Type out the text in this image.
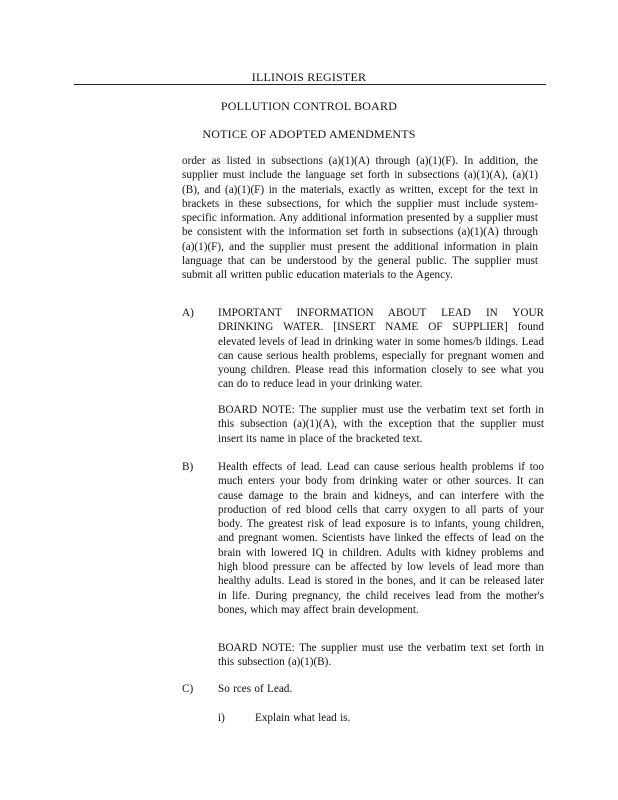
ILLINOIS REGISTER
POLLUTION CONTROL BOARD
NOTICE OF ADOPTED AMENDMENTS

order as listed in subsections (a)(1)(A) through (a)(1)(F). In addition, the supplier must include the language set forth in subsections (a)(1)(A), (a)(1)(B), and (a)(1)(F) in the materials, exactly as written, except for the text in brackets in these subsections, for which the supplier must include system-specific information. Any additional information presented by a supplier must be consistent with the information set forth in subsections (a)(1)(A) through (a)(1)(F), and the supplier must present the additional information in plain language that can be understood by the general public. The supplier must submit all written public education materials to the Agency.

A) IMPORTANT INFORMATION ABOUT LEAD IN YOUR DRINKING WATER. [INSERT NAME OF SUPPLIER] found elevated levels of lead in drinking water in some homes/b ildings. Lead can cause serious health problems, especially for pregnant women and young children. Please read this information closely to see what you can do to reduce lead in your drinking water.

BOARD NOTE: The supplier must use the verbatim text set forth in this subsection (a)(1)(A), with the exception that the supplier must insert its name in place of the bracketed text.

B) Health effects of lead. Lead can cause serious health problems if too much enters your body from drinking water or other sources. It can cause damage to the brain and kidneys, and can interfere with the production of red blood cells that carry oxygen to all parts of your body. The greatest risk of lead exposure is to infants, young children, and pregnant women. Scientists have linked the effects of lead on the brain with lowered IQ in children. Adults with kidney problems and high blood pressure can be affected by low levels of lead more than healthy adults. Lead is stored in the bones, and it can be released later in life. During pregnancy, the child receives lead from the mother's bones, which may affect brain development.

BOARD NOTE: The supplier must use the verbatim text set forth in this subsection (a)(1)(B).

C) So rces of Lead.

i)	Explain what lead is.
